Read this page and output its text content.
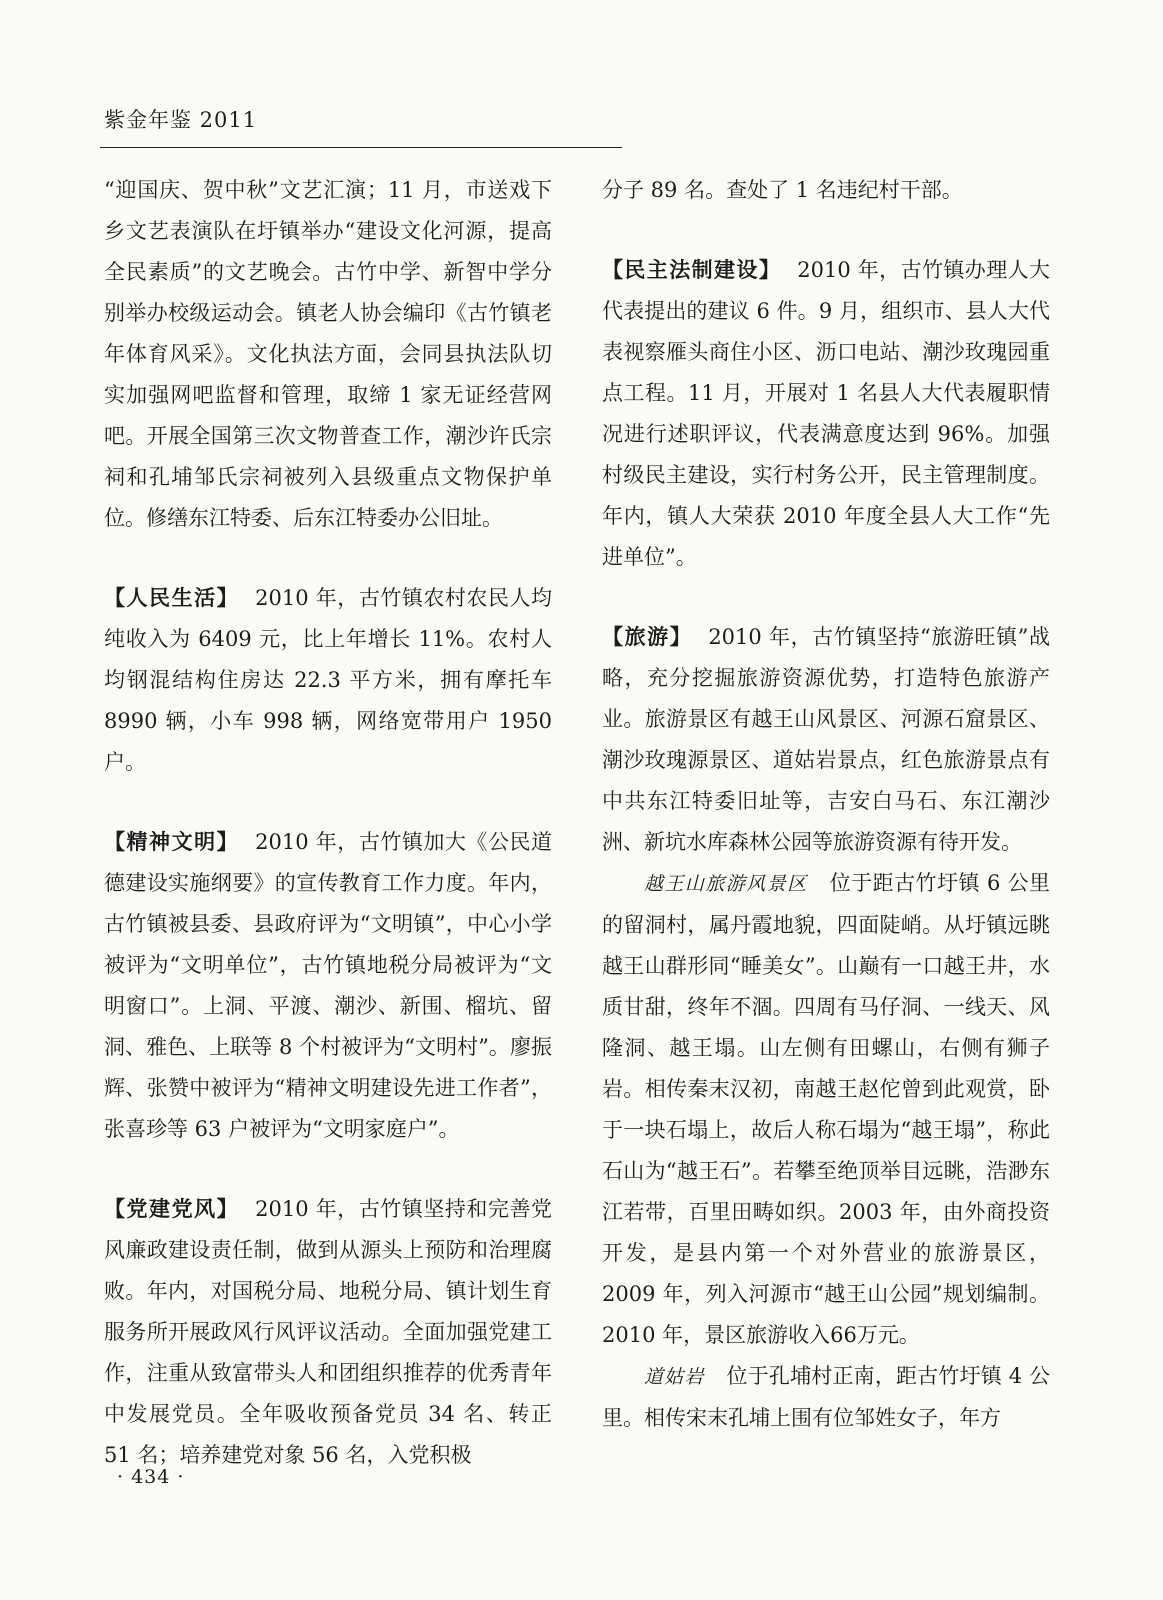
紫金年鉴 2011

“迎国庆、贺中秋”文艺汇演；11 月，市送戏下乡文艺表演队在圩镇举办“建设文化河源，提高全民素质”的文艺晚会。古竹中学、新智中学分别举办校级运动会。镇老人协会编印《古竹镇老年体育风采》。文化执法方面，会同县执法队切实加强网吧监督和管理，取缔 1 家无证经营网吧。开展全国第三次文物普查工作，潮沙许氏宗祠和孔埔邹氏宗祠被列入县级重点文物保护单位。修缮东江特委、后东江特委办公旧址。

【人民生活】 2010 年，古竹镇农村农民人均纯收入为 6409 元，比上年增长 11%。农村人均钢混结构住房达 22.3 平方米，拥有摩托车 8990 辆，小车 998 辆，网络宽带用户 1950 户。

【精神文明】 2010 年，古竹镇加大《公民道德建设实施纲要》的宣传教育工作力度。年内，古竹镇被县委、县政府评为“文明镇”，中心小学被评为“文明单位”，古竹镇地税分局被评为“文明窗口”。上洞、平渡、潮沙、新围、榴坑、留洞、雅色、上联等 8 个村被评为“文明村”。廖振辉、张赞中被评为“精神文明建设先进工作者”，张喜珍等 63 户被评为“文明家庭户”。

【党建党风】 2010 年，古竹镇坚持和完善党风廉政建设责任制，做到从源头上预防和治理腐败。年内，对国税分局、地税分局、镇计划生育服务所开展政风行风评议活动。全面加强党建工作，注重从致富带头人和团组织推荐的优秀青年中发展党员。全年吸收预备党员 34 名、转正 51 名；培养建党对象 56 名，入党积极

分子 89 名。查处了 1 名违纪村干部。

【民主法制建设】 2010 年，古竹镇办理人大代表提出的建议 6 件。9 月，组织市、县人大代表视察雁头商住小区、沥口电站、潮沙玫瑰园重点工程。11 月，开展对 1 名县人大代表履职情况进行述职评议，代表满意度达到 96%。加强村级民主建设，实行村务公开，民主管理制度。年内，镇人大荣获 2010 年度全县人大工作“先进单位”。

【旅游】 2010 年，古竹镇坚持“旅游旺镇”战略，充分挖掘旅游资源优势，打造特色旅游产业。旅游景区有越王山风景区、河源石窟景区、潮沙玫瑰源景区、道姑岩景点，红色旅游景点有中共东江特委旧址等，吉安白马石、东江潮沙洲、新坑水库森林公园等旅游资源有待开发。

越王山旅游风景区 位于距古竹圩镇 6 公里的留洞村，属丹霞地貌，四面陡峭。从圩镇远眺越王山群形同“睡美女”。山巅有一口越王井，水质甘甜，终年不涸。四周有马仔洞、一线天、风隆洞、越王塌。山左侧有田螺山，右侧有狮子岩。相传秦末汉初，南越王赵佗曾到此观赏，卧于一块石塌上，故后人称石塌为“越王塌”，称此石山为“越王石”。若攀至绝顶举目远眺，浩渺东江若带，百里田畴如织。2003 年，由外商投资开发，是县内第一个对外营业的旅游景区，2009 年，列入河源市“越王山公园”规划编制。2010 年，景区旅游收入66万元。

道姑岩 位于孔埔村正南，距古竹圩镇 4 公里。相传宋末孔埔上围有位邹姓女子，年方

· 434 ·
